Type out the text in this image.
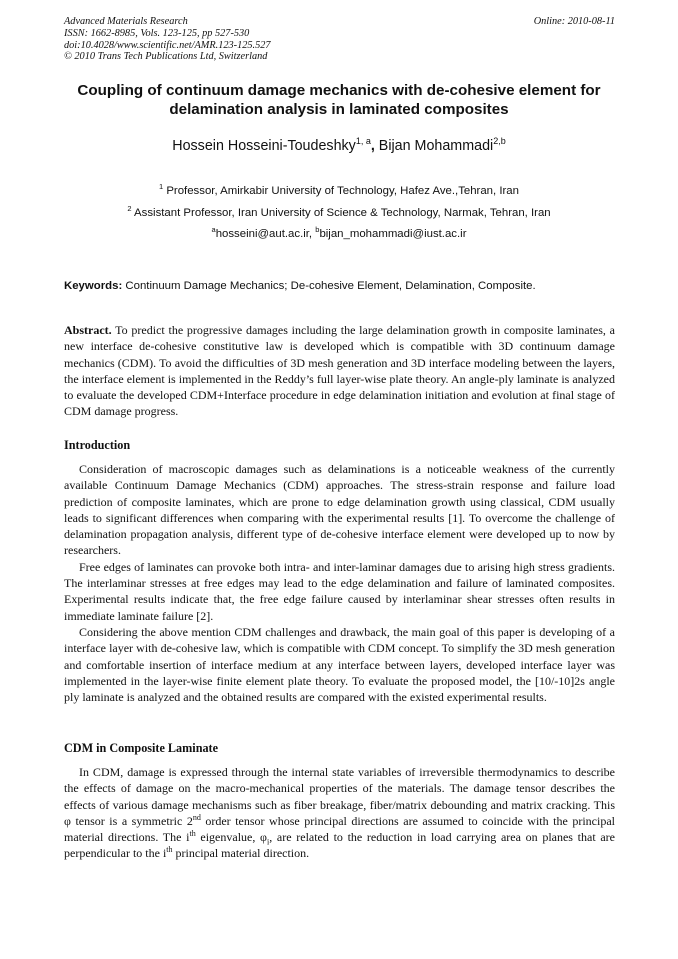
Advanced Materials Research
ISSN: 1662-8985, Vols. 123-125, pp 527-530
doi:10.4028/www.scientific.net/AMR.123-125.527
© 2010 Trans Tech Publications Ltd, Switzerland
Online: 2010-08-11
Coupling of continuum damage mechanics with de-cohesive element for delamination analysis in laminated composites
Hossein Hosseini-Toudeshky$^{1, a}$, Bijan Mohammadi$^{2,b}$
$^1$ Professor, Amirkabir University of Technology, Hafez Ave.,Tehran, Iran
$^2$ Assistant Professor, Iran University of Science & Technology, Narmak, Tehran, Iran
$^a$hosseini@aut.ac.ir, $^b$bijan_mohammadi@iust.ac.ir
Keywords: Continuum Damage Mechanics; De-cohesive Element, Delamination, Composite.
Abstract. To predict the progressive damages including the large delamination growth in composite laminates, a new interface de-cohesive constitutive law is developed which is compatible with 3D continuum damage mechanics (CDM). To avoid the difficulties of 3D mesh generation and 3D interface modeling between the layers, the interface element is implemented in the Reddy’s full layer-wise plate theory. An angle-ply laminate is analyzed to evaluate the developed CDM+Interface procedure in edge delamination initiation and evolution at final stage of CDM damage progress.
Introduction

Consideration of macroscopic damages such as delaminations is a noticeable weakness of the currently available Continuum Damage Mechanics (CDM) approaches. The stress-strain response and failure load prediction of composite laminates, which are prone to edge delamination growth using classical, CDM usually leads to significant differences when comparing with the experimental results [1]. To overcome the challenge of delamination propagation analysis, different type of de-cohesive interface element were developed up to now by researchers.

Free edges of laminates can provoke both intra- and inter-laminar damages due to arising high stress gradients. The interlaminar stresses at free edges may lead to the edge delamination and failure of laminated composites. Experimental results indicate that, the free edge failure caused by interlaminar shear stresses often results in immediate laminate failure [2].

Considering the above mention CDM challenges and drawback, the main goal of this paper is developing of a interface layer with de-cohesive law, which is compatible with CDM concept. To simplify the 3D mesh generation and comfortable insertion of interface medium at any interface between layers, developed interface layer was implemented in the layer-wise finite element plate theory. To evaluate the proposed model, the [10/-10]2s angle ply laminate is analyzed and the obtained results are compared with the existed experimental results.

CDM in Composite Laminate

In CDM, damage is expressed through the internal state variables of irreversible thermodynamics to describe the effects of damage on the macro-mechanical properties of the materials. The damage tensor describes the effects of various damage mechanisms such as fiber breakage, fiber/matrix debounding and matrix cracking. This φ tensor is a symmetric 2nd order tensor whose principal directions are assumed to coincide with the principal material directions. The $i^{th}$ eigenvalue, $\varphi_i$, are related to the reduction in load carrying area on planes that are perpendicular to the $i^{th}$ principal material direction.
